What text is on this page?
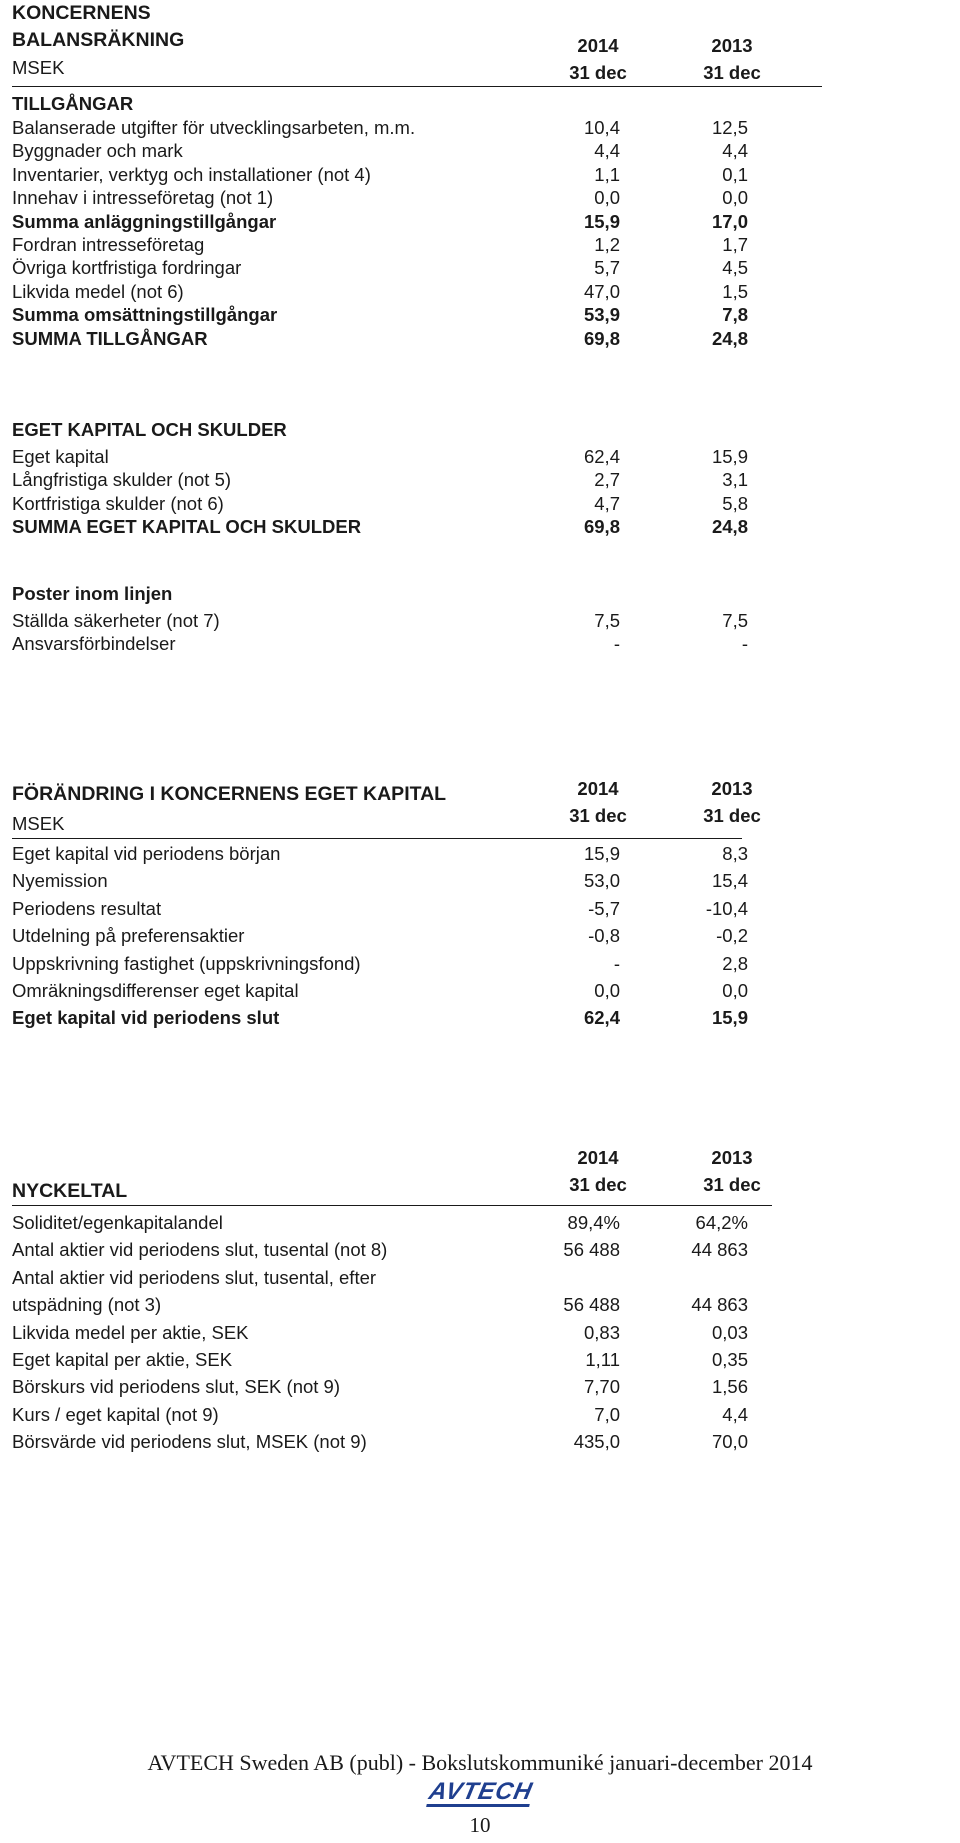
KONCERNENS
BALANSRÄKNING
MSEK
2014
31 dec
2013
31 dec
TILLGÅNGAR
Balanserade utgifter för utvecklingsarbeten, m.m.	10,4	12,5
Byggnader och mark	4,4	4,4
Inventarier, verktyg och installationer (not 4)	1,1	0,1
Innehav i intresseföretag (not 1)	0,0	0,0
Summa anläggningstillgångar	15,9	17,0
Fordran intresseföretag	1,2	1,7
Övriga kortfristiga fordringar	5,7	4,5
Likvida medel (not 6)	47,0	1,5
Summa omsättningstillgångar	53,9	7,8
SUMMA TILLGÅNGAR	69,8	24,8
EGET KAPITAL OCH SKULDER
Eget kapital	62,4	15,9
Långfristiga skulder (not 5)	2,7	3,1
Kortfristiga skulder (not 6)	4,7	5,8
SUMMA EGET KAPITAL OCH SKULDER	69,8	24,8
Poster inom linjen
Ställda säkerheter (not 7)	7,5	7,5
Ansvarsförbindelser	-	-
FÖRÄNDRING I KONCERNENS EGET KAPITAL
MSEK
2014
31 dec
2013
31 dec
Eget kapital vid periodens början	15,9	8,3
Nyemission	53,0	15,4
Periodens resultat	-5,7	-10,4
Utdelning på preferensaktier	-0,8	-0,2
Uppskrivning fastighet (uppskrivningsfond)	-	2,8
Omräkningsdifferenser eget kapital	0,0	0,0
Eget kapital vid periodens slut	62,4	15,9
2014
31 dec
2013
31 dec
NYCKELTAL
Soliditet/egenkapitalandel	89,4%	64,2%
Antal aktier vid periodens slut, tusental (not 8)	56 488	44 863
Antal aktier vid periodens slut, tusental, efter
utspädning (not 3)	56 488	44 863
Likvida medel per aktie, SEK	0,83	0,03
Eget kapital per aktie, SEK	1,11	0,35
Börskurs vid periodens slut, SEK (not 9)	7,70	1,56
Kurs / eget kapital (not 9)	7,0	4,4
Börsvärde vid periodens slut, MSEK (not 9)	435,0	70,0
AVTECH Sweden AB (publ) - Bokslutskommuniké januari-december 2014
AVTECH
10
